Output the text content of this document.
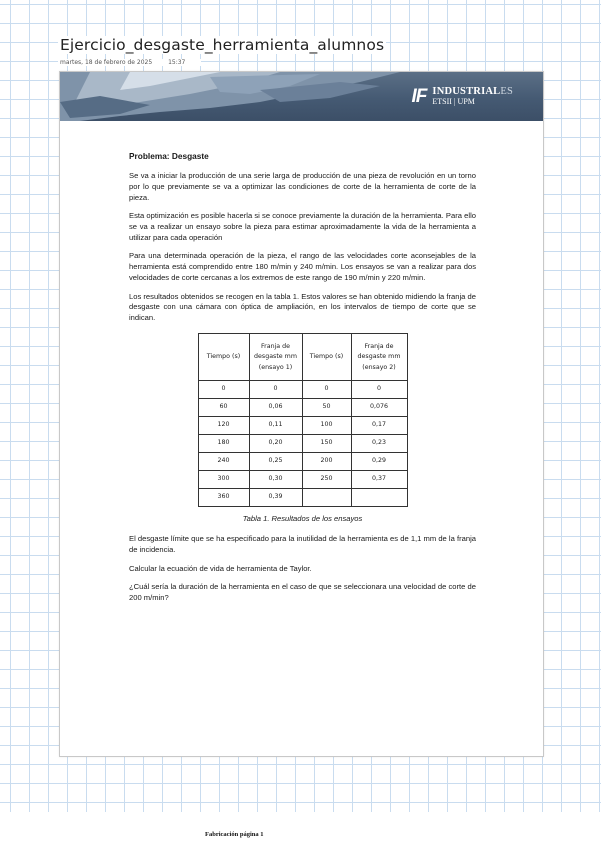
Ejercicio_desgaste_herramienta_alumnos
martes, 18 de febrero de 2025	15:37
IF INDUSTRIALES
ETSII | UPM
Problema: Desgaste

Se va a iniciar la producción de una serie larga de producción de una pieza de revolución en un torno por lo que previamente se va a optimizar las condiciones de corte de la herramienta de corte de la pieza.

Esta optimización es posible hacerla si se conoce previamente la duración de la herramienta. Para ello se va a realizar un ensayo sobre la pieza para estimar aproximadamente la vida de la herramienta a utilizar para cada operación

Para una determinada operación de la pieza, el rango de las velocidades corte aconsejables de la herramienta está comprendido entre 180 m/min y 240 m/min. Los ensayos se van a realizar para dos velocidades de corte cercanas a los extremos de este rango de 190 m/min y 220 m/min.

Los resultados obtenidos se recogen en la tabla 1. Estos valores se han obtenido midiendo la franja de desgaste con una cámara con óptica de ampliación, en los intervalos de tiempo de corte que se indican.

Tiempo (s)	Franja de desgaste mm (ensayo 1)	Tiempo (s)	Franja de desgaste mm (ensayo 2)
0	0	0	0
60	0,06	50	0,076
120	0,11	100	0,17
180	0,20	150	0,23
240	0,25	200	0,29
300	0,30	250	0,37
360	0,39		
Tabla 1. Resultados de los ensayos

El desgaste límite que se ha especificado para la inutilidad de la herramienta es de 1,1 mm de la franja de incidencia.

Calcular la ecuación de vida de herramienta de Taylor.

¿Cuál sería la duración de la herramienta en el caso de que se seleccionara una velocidad de corte de 200 m/min?

Fabricación página 1
